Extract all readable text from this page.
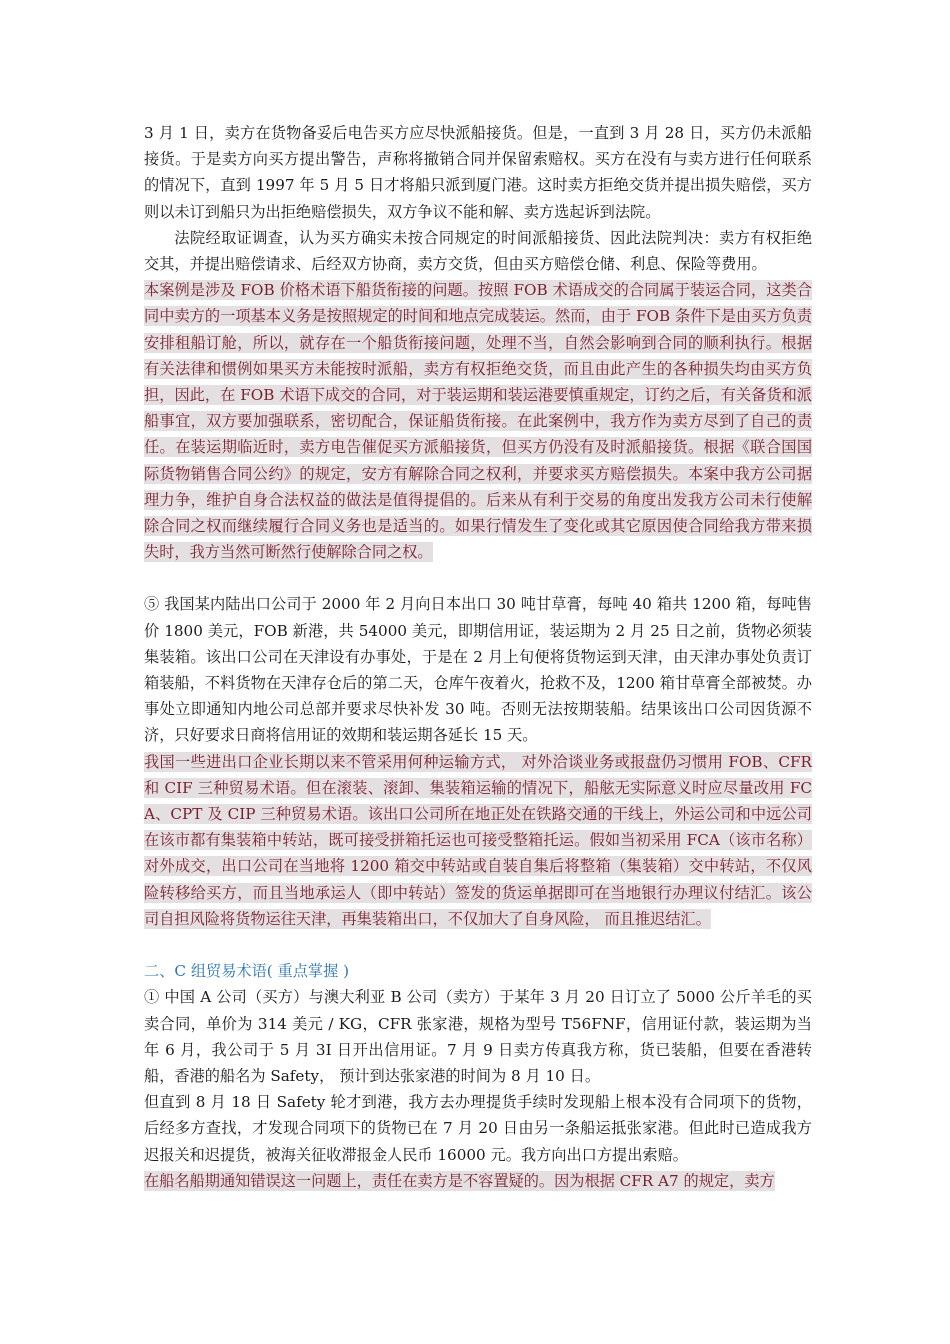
3 月 1 日，卖方在货物备妥后电告买方应尽快派船接货。但是，一直到 3 月 28 日，买方仍未派船接货。于是卖方向买方提出警告，声称将撤销合同并保留索赔权。买方在没有与卖方进行任何联系的情况下，直到 1997 年 5 月 5 日才将船只派到厦门港。这时卖方拒绝交货并提出损失赔偿，买方则以未订到船只为出拒绝赔偿损失，双方争议不能和解、卖方选起诉到法院。

法院经取证调查，认为买方确实未按合同规定的时间派船接货、因此法院判决：卖方有权拒绝交其，并提出赔偿请求、后经双方协商，卖方交货，但由买方赔偿仓储、利息、保险等费用。

本案例是涉及 FOB 价格术语下船货衔接的问题。按照 FOB 术语成交的合同属于装运合同，这类合同中卖方的一项基本义务是按照规定的时间和地点完成装运。然而，由于 FOB 条件下是由买方负责安排租船订舱，所以，就存在一个船货衔接问题，处理不当，自然会影响到合同的顺利执行。根据有关法律和惯例如果买方未能按时派船，卖方有权拒绝交货，而且由此产生的各种损失均由买方负担，因此，在 FOB 术语下成交的合同，对于装运期和装运港要慎重规定，订约之后，有关备货和派船事宜，双方要加强联系，密切配合，保证船货衔接。在此案例中，我方作为卖方尽到了自己的责任。在装运期临近时，卖方电告催促买方派船接货，但买方仍没有及时派船接货。根据《联合国国际货物销售合同公约》的规定，安方有解除合同之权利，并要求买方赔偿损失。本案中我方公司据理力争，维护自身合法权益的做法是值得提倡的。后来从有利于交易的角度出发我方公司未行使解除合同之权而继续履行合同义务也是适当的。如果行情发生了变化或其它原因使合同给我方带来损失时，我方当然可断然行使解除合同之权。

⑤ 我国某内陆出口公司于 2000 年 2 月向日本出口 30 吨甘草膏，每吨 40 箱共 1200 箱，每吨售价 1800 美元，FOB 新港，共 54000 美元，即期信用证，装运期为 2 月 25 日之前，货物必须装集装箱。该出口公司在天津设有办事处，于是在 2 月上旬便将货物运到天津，由天津办事处负责订箱装船，不料货物在天津存仓后的第二天，仓库午夜着火，抢救不及，1200 箱甘草膏全部被焚。办事处立即通知内地公司总部并要求尽快补发 30 吨。否则无法按期装船。结果该出口公司因货源不济，只好要求日商将信用证的效期和装运期各延长 15 天。

我国一些进出口企业长期以来不管采用何种运输方式， 对外洽谈业务或报盘仍习惯用 FOB、CFR 和 CIF 三种贸易术语。但在滚装、滚卸、集装箱运输的情况下，船舷无实际意义时应尽量改用 FCA、CPT 及 CIP 三种贸易术语。该出口公司所在地正处在铁路交通的干线上，外运公司和中远公司在该市都有集装箱中转站，既可接受拼箱托运也可接受整箱托运。假如当初采用 FCA（该市名称）对外成交，出口公司在当地将 1200 箱交中转站或自装自集后将整箱（集装箱）交中转站，不仅风险转移给买方，而且当地承运人（即中转站）签发的货运单据即可在当地银行办理议付结汇。该公司自担风险将货物运往天津，再集装箱出口，不仅加大了自身风险， 而且推迟结汇。

二、C 组贸易术语( 重点掌握 )

① 中国 A 公司（买方）与澳大利亚 B 公司（卖方）于某年 3 月 20 日订立了 5000 公斤羊毛的买卖合同，单价为 314 美元 / KG，CFR 张家港，规格为型号 T56FNF，信用证付款，装运期为当年 6 月，我公司于 5 月 3I 日开出信用证。7 月 9 日卖方传真我方称，货已装船，但要在香港转船，香港的船名为 Safety， 预计到达张家港的时间为 8 月 10 日。

但直到 8 月 18 日 Safety 轮才到港，我方去办理提货手续时发现船上根本没有合同项下的货物，后经多方查找，才发现合同项下的货物已在 7 月 20 日由另一条船运抵张家港。但此时已造成我方迟报关和迟提货，被海关征收滞报金人民币 16000 元。我方向出口方提出索赔。

在船名船期通知错误这一问题上，责任在卖方是不容置疑的。因为根据 CFR A7 的规定，卖方
